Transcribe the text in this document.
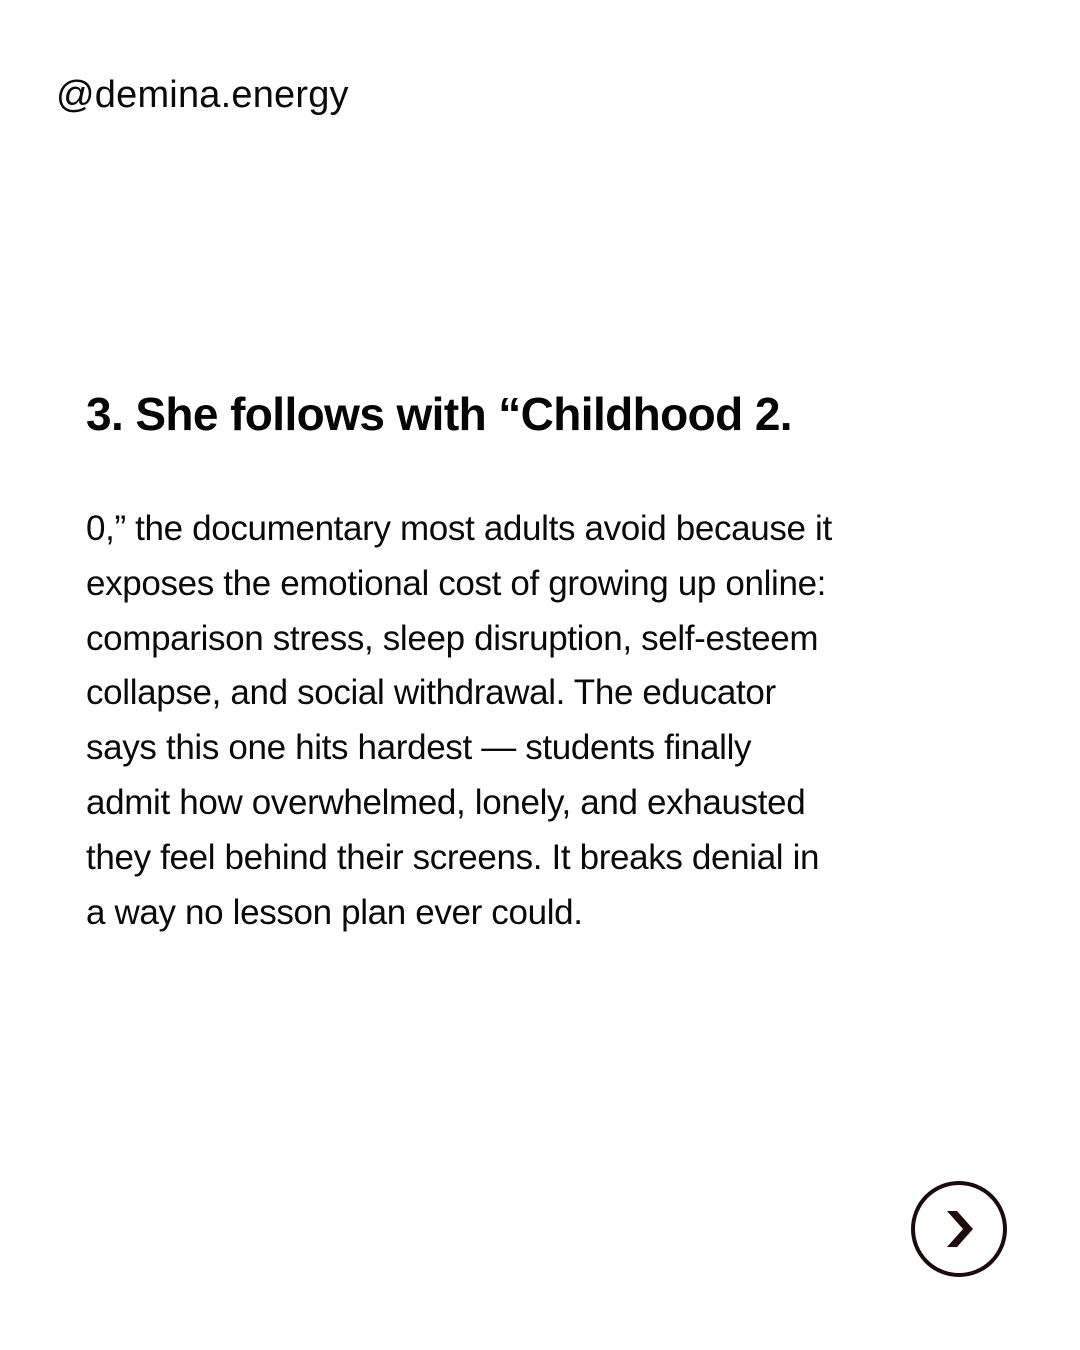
@demina.energy
3. She follows with “Childhood 2.
0,” the documentary most adults avoid because it
exposes the emotional cost of growing up online:
comparison stress, sleep disruption, self-esteem
collapse, and social withdrawal. The educator
says this one hits hardest — students finally
admit how overwhelmed, lonely, and exhausted
they feel behind their screens. It breaks denial in
a way no lesson plan ever could.
